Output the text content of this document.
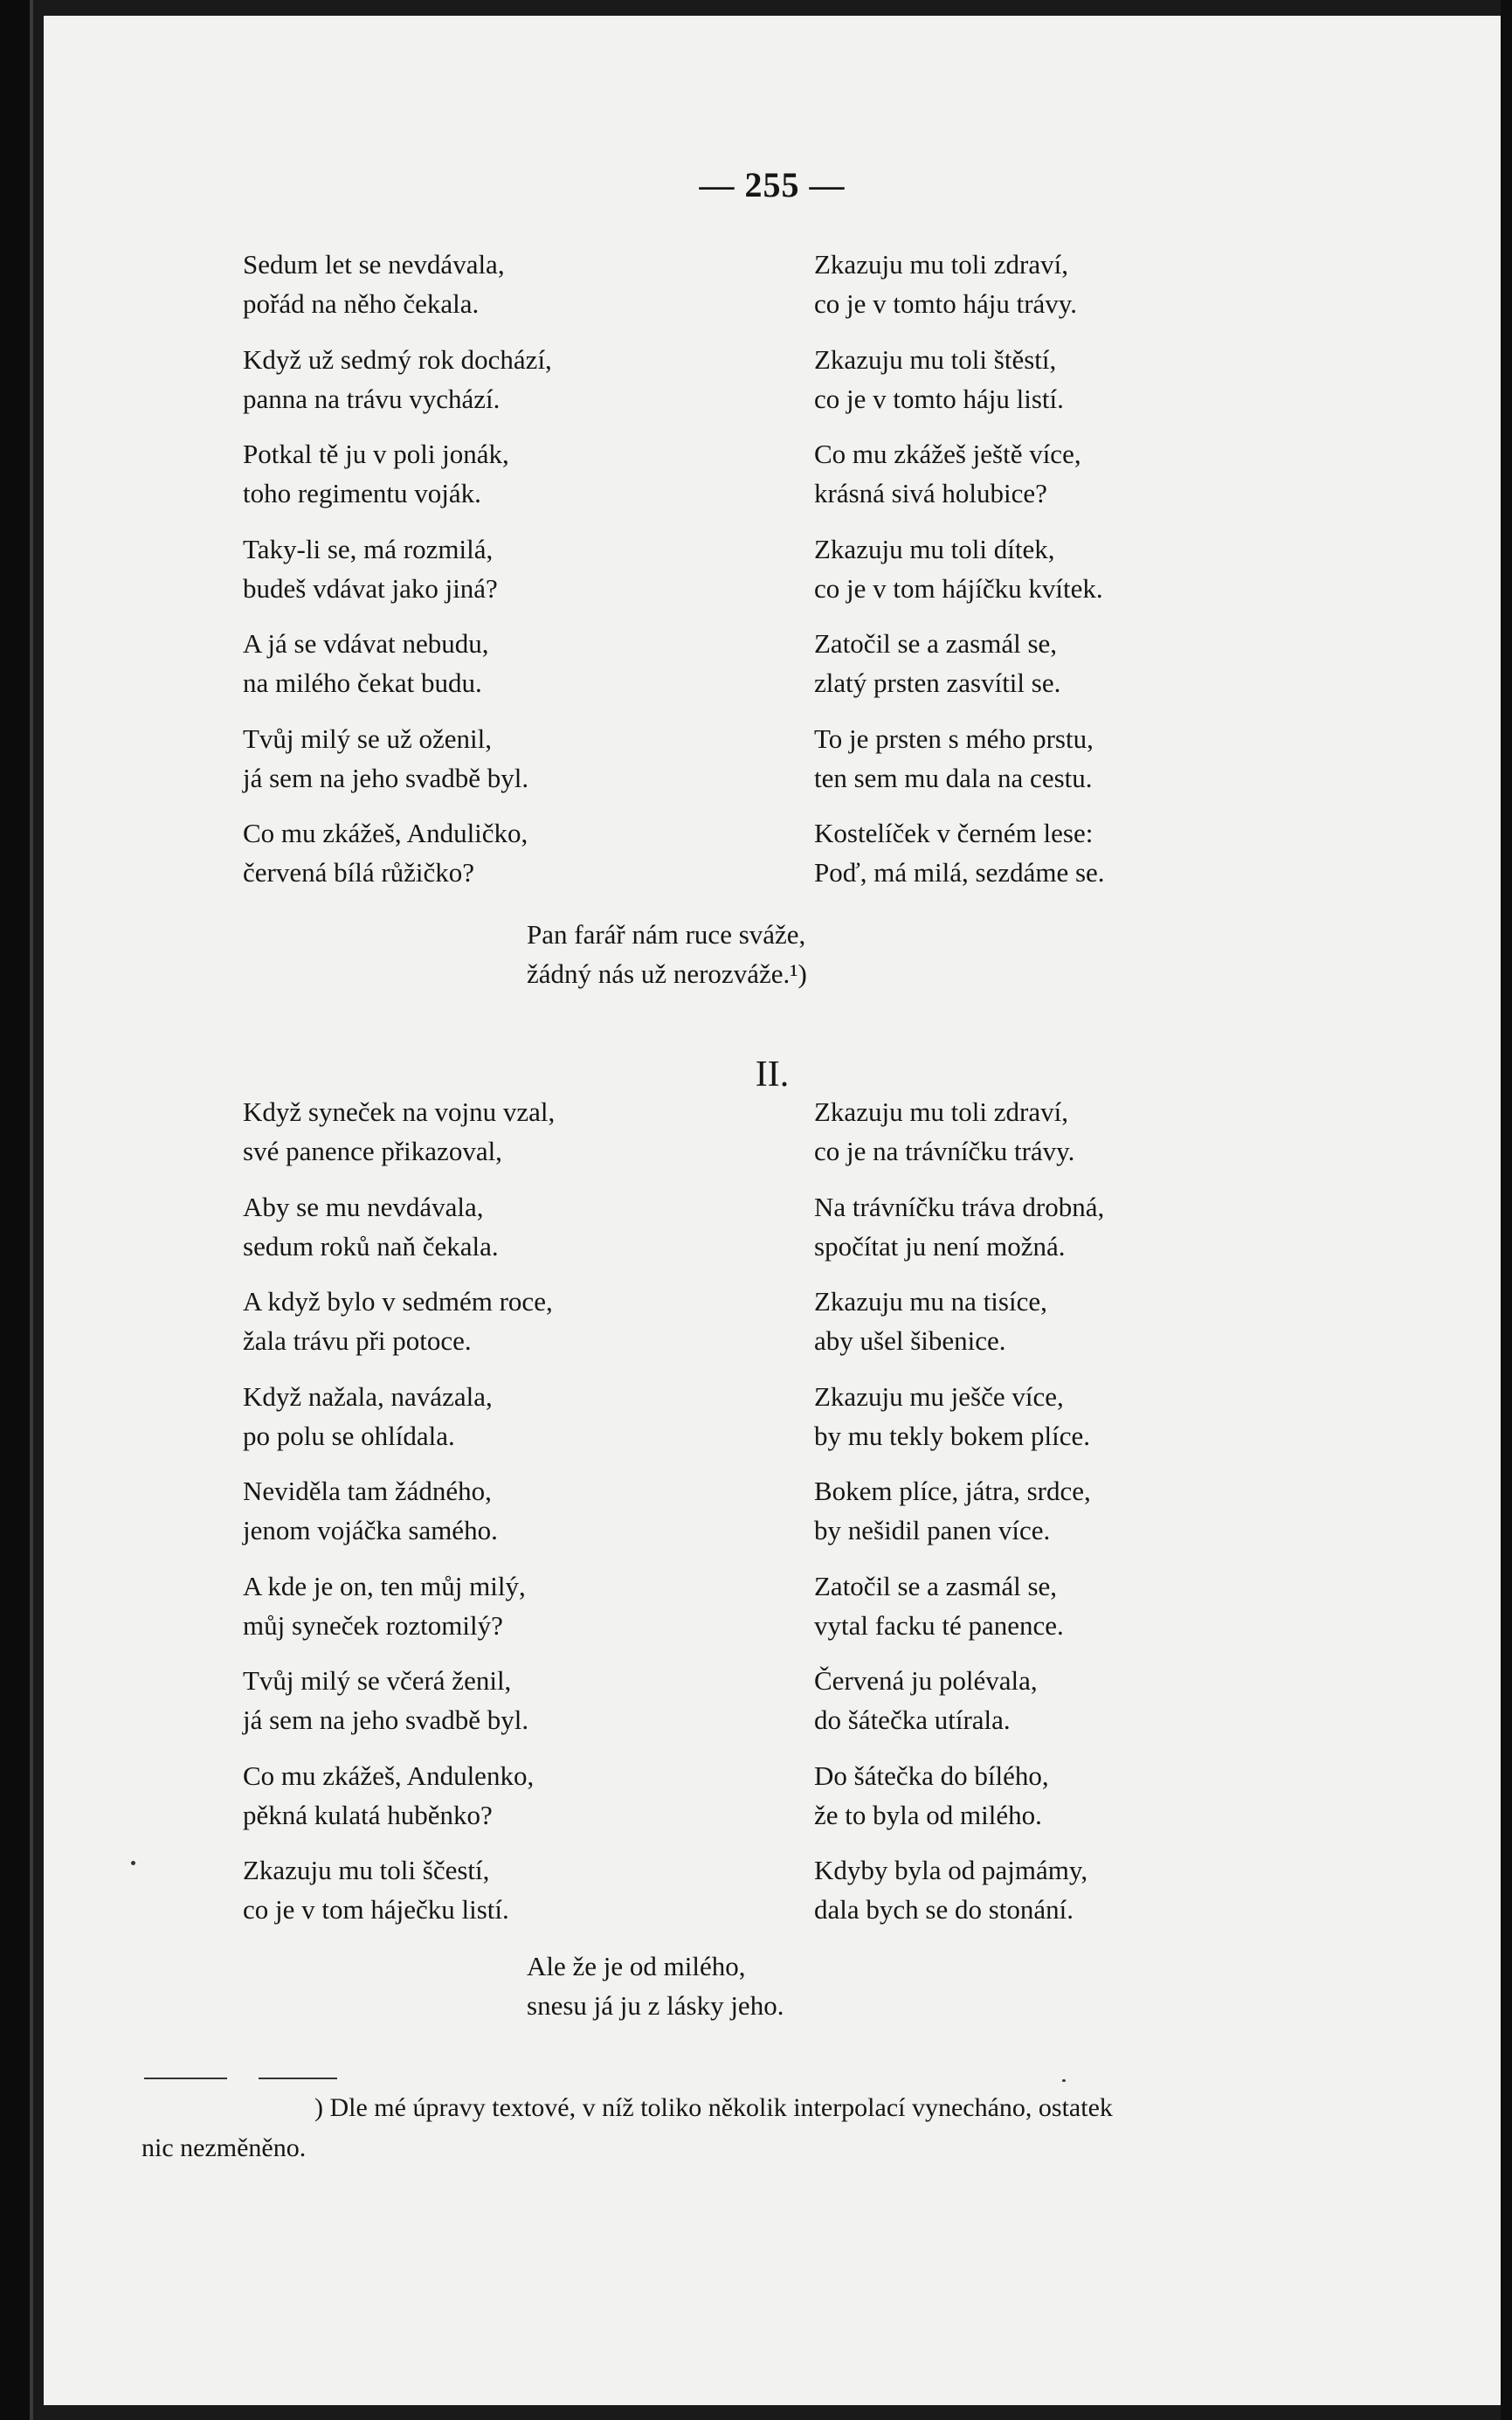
— 255 —
Sedum let se nevdávala,
pořád na něho čekala.
Když už sedmý rok dochází,
panna na trávu vychází.
Potkal tě ju v poli jonák,
toho regimentu voják.
Taky-li se, má rozmilá,
budeš vdávat jako jiná?
A já se vdávat nebudu,
na milého čekat budu.
Tvůj milý se už oženil,
já sem na jeho svadbě byl.
Co mu zkážeš, Anduličko,
červená bílá růžičko?
Zkazuju mu toli zdraví,
co je v tomto háju trávy.
Zkazuju mu toli štěstí,
co je v tomto háju listí.
Co mu zkážeš ještě více,
krásná sivá holubice?
Zkazuju mu toli dítek,
co je v tom hájíčku kvítek.
Zatočil se a zasmál se,
zlatý prsten zasvítil se.
To je prsten s mého prstu,
ten sem mu dala na cestu.
Kostelíček v černém lese:
Poď, má milá, sezdáme se.
Pan farář nám ruce sváže,
žádný nás už nerozváže.¹)
II.
Když syneček na vojnu vzal,
své panence přikazoval,
Aby se mu nevdávala,
sedum roků naň čekala.
A když bylo v sedmém roce,
žala trávu při potoce.
Když nažala, navázala,
po polu se ohlídala.
Neviděla tam žádného,
jenom vojáčka samého.
A kde je on, ten můj milý,
můj syneček roztomilý?
Tvůj milý se včerá ženil,
já sem na jeho svadbě byl.
Co mu zkážeš, Andulenko,
pěkná kulatá huběnko?
Zkazuju mu toli ščestí,
co je v tom háječku listí.
Zkazuju mu toli zdraví,
co je na trávníčku trávy.
Na trávníčku tráva drobná,
spočítat ju není možná.
Zkazuju mu na tisíce,
aby ušel šibenice.
Zkazuju mu ješče více,
by mu tekly bokem plíce.
Bokem plíce, játra, srdce,
by nešidil panen více.
Zatočil se a zasmál se,
vytal facku té panence.
Červená ju polévala,
do šátečka utírala.
Do šátečka do bílého,
že to byla od milého.
Kdyby byla od pajmámy,
dala bych se do stonání.
Ale že je od milého,
snesu já ju z lásky jeho.
) Dle mé úpravy textové, v níž toliko několik interpolací vynecháno, ostatek
nic nezměněno.
